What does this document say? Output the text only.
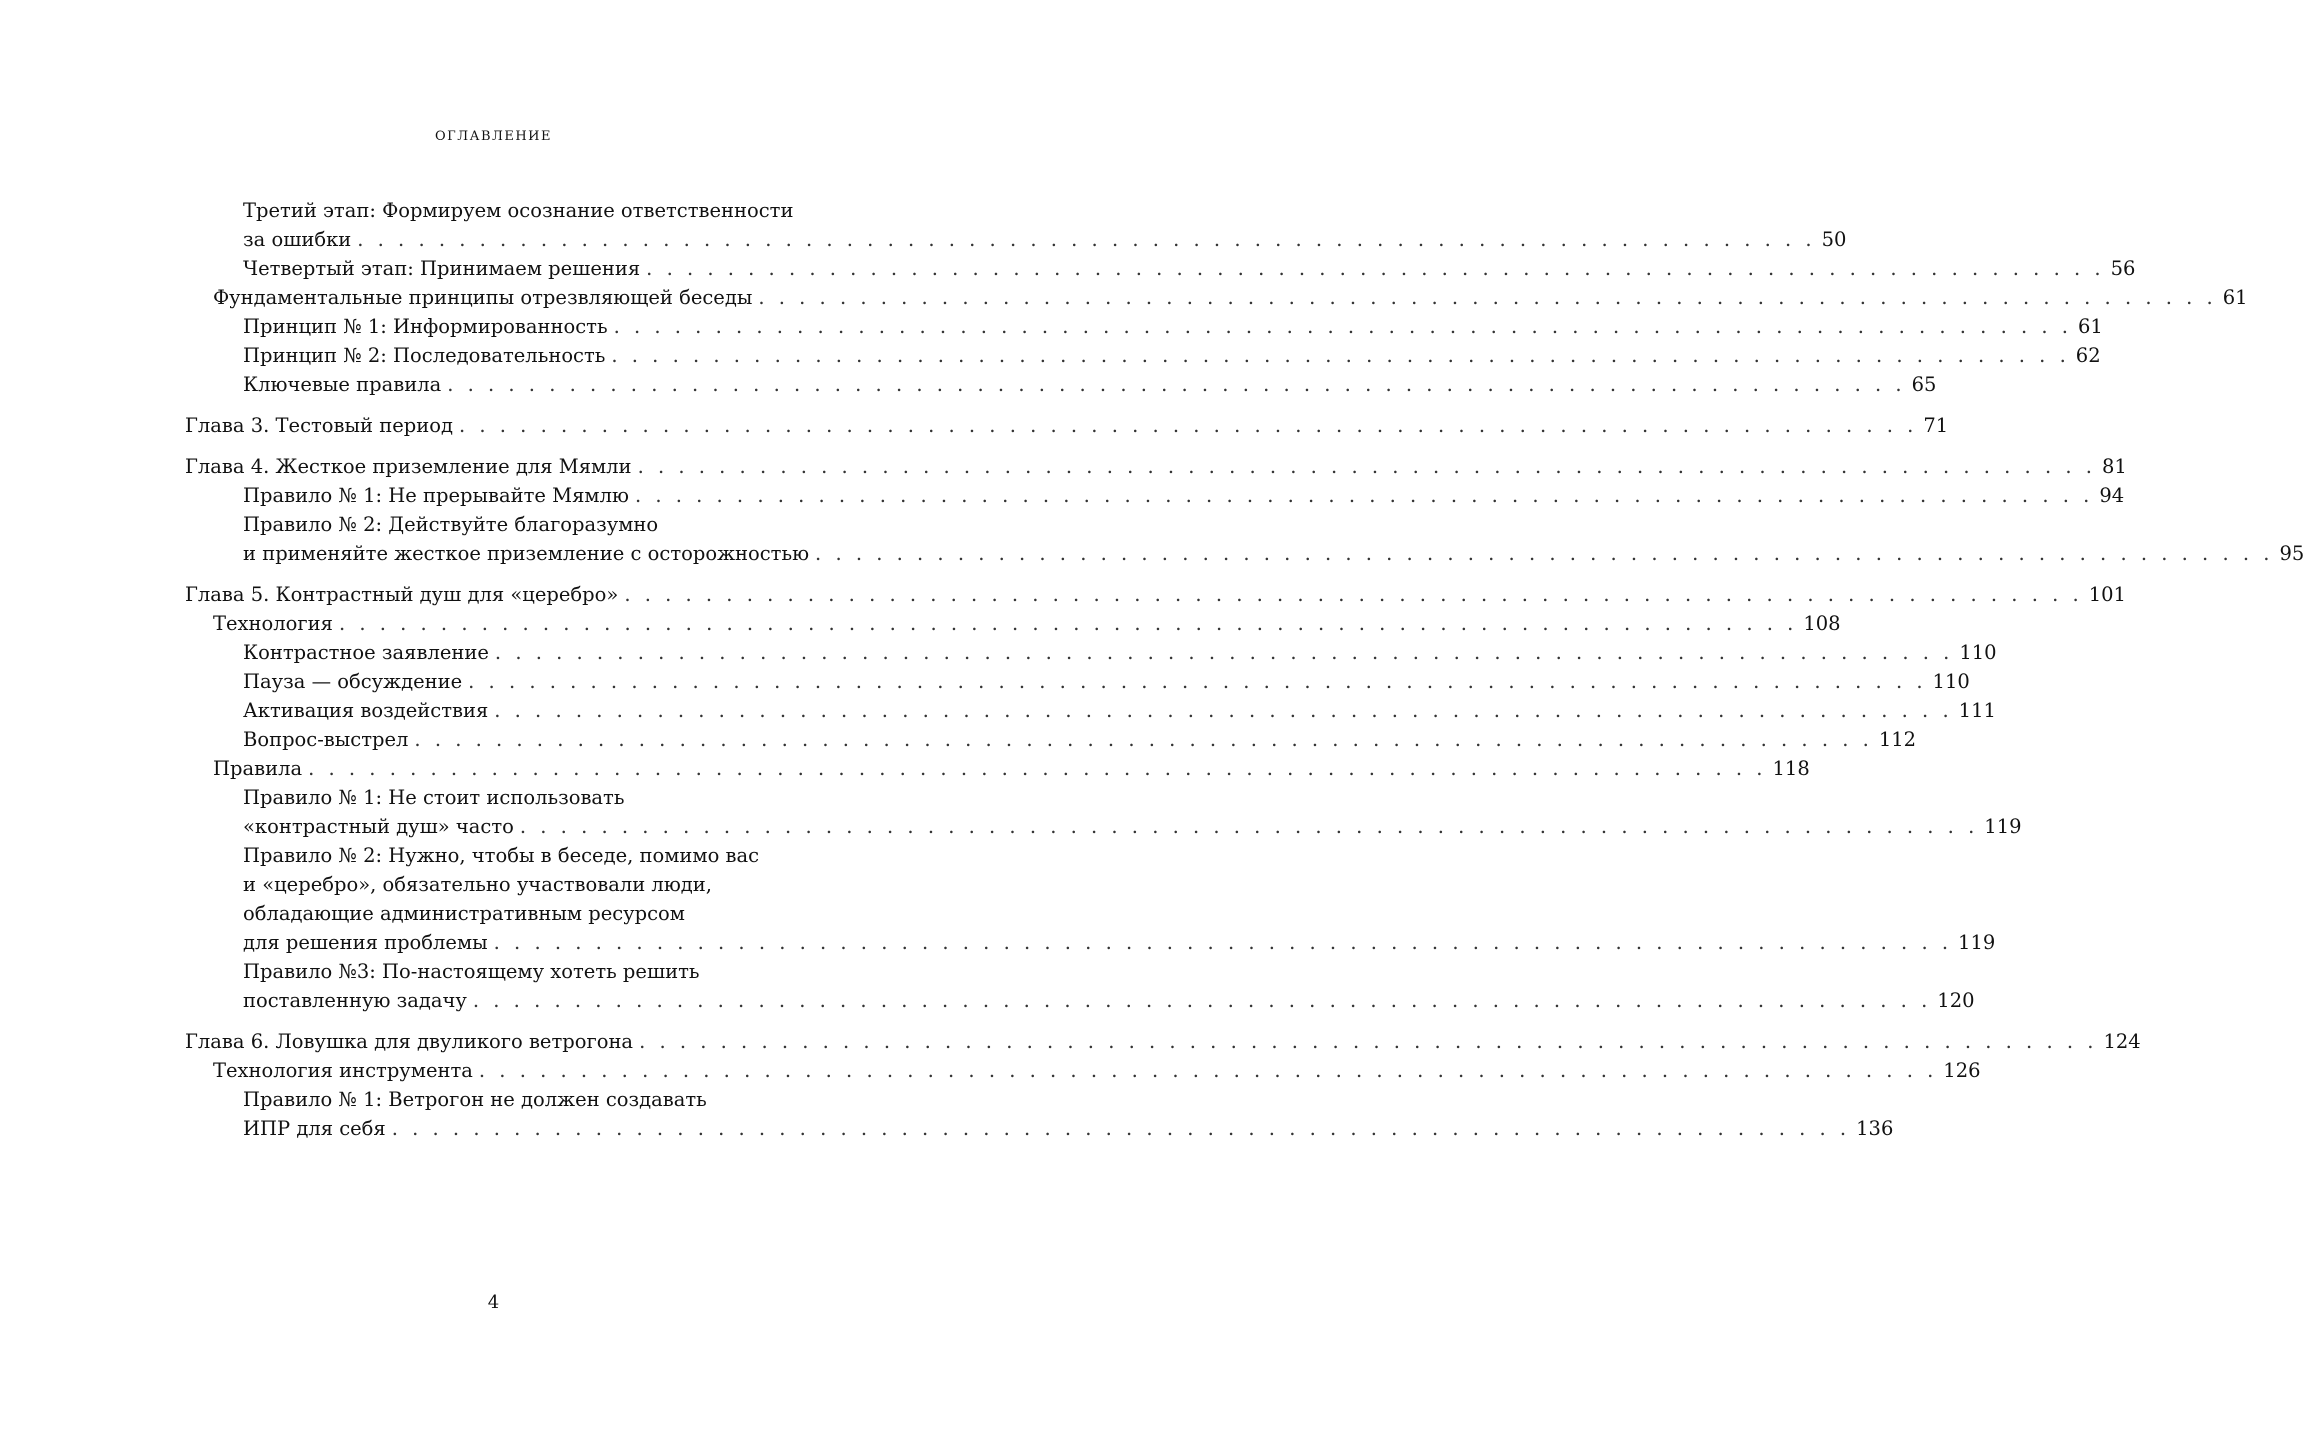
оглавление
Третий этап: Формируем осознание ответственности
за ошибки . . . . . . . . . . . . . . . . . . . . . . . . . . . . . . . . . . . . . . . . . . . . . . . . . . . . . . . . . . . . . . . . . . . . . . . . 50
Четвертый этап: Принимаем решения . . . . . . . . . . . . . . . . . . . . . . . . . . . . . . . . . . . . . . . . . . . . . . . . . . . . . . . . . . . . . . . . . . . . . . . . 56
Фундаментальные принципы отрезвляющей беседы . . . . . . . . . . . . . . . . . . . . . . . . . . . . . . . . . . . . . . . . . . . . . . . . . . . . . . . . . . . . . . . . . . . . . . . . 61
Принцип № 1: Информированность . . . . . . . . . . . . . . . . . . . . . . . . . . . . . . . . . . . . . . . . . . . . . . . . . . . . . . . . . . . . . . . . . . . . . . . . 61
Принцип № 2: Последовательность . . . . . . . . . . . . . . . . . . . . . . . . . . . . . . . . . . . . . . . . . . . . . . . . . . . . . . . . . . . . . . . . . . . . . . . . 62
Ключевые правила . . . . . . . . . . . . . . . . . . . . . . . . . . . . . . . . . . . . . . . . . . . . . . . . . . . . . . . . . . . . . . . . . . . . . . . . 65
Глава 3. Тестовый период . . . . . . . . . . . . . . . . . . . . . . . . . . . . . . . . . . . . . . . . . . . . . . . . . . . . . . . . . . . . . . . . . . . . . . . . 71
Глава 4. Жесткое приземление для Мямли . . . . . . . . . . . . . . . . . . . . . . . . . . . . . . . . . . . . . . . . . . . . . . . . . . . . . . . . . . . . . . . . . . . . . . . . 81
Правило № 1: Не прерывайте Мямлю . . . . . . . . . . . . . . . . . . . . . . . . . . . . . . . . . . . . . . . . . . . . . . . . . . . . . . . . . . . . . . . . . . . . . . . . 94
Правило № 2: Действуйте благоразумно
и применяйте жесткое приземление с осторожностью . . . . . . . . . . . . . . . . . . . . . . . . . . . . . . . . . . . . . . . . . . . . . . . . . . . . . . . . . . . . . . . . . . . . . . . . 95
Глава 5. Контрастный душ для «церебро» . . . . . . . . . . . . . . . . . . . . . . . . . . . . . . . . . . . . . . . . . . . . . . . . . . . . . . . . . . . . . . . . . . . . . . . . 101
Технология . . . . . . . . . . . . . . . . . . . . . . . . . . . . . . . . . . . . . . . . . . . . . . . . . . . . . . . . . . . . . . . . . . . . . . . . 108
Контрастное заявление . . . . . . . . . . . . . . . . . . . . . . . . . . . . . . . . . . . . . . . . . . . . . . . . . . . . . . . . . . . . . . . . . . . . . . . . 110
Пауза — обсуждение . . . . . . . . . . . . . . . . . . . . . . . . . . . . . . . . . . . . . . . . . . . . . . . . . . . . . . . . . . . . . . . . . . . . . . . . 110
Активация воздействия . . . . . . . . . . . . . . . . . . . . . . . . . . . . . . . . . . . . . . . . . . . . . . . . . . . . . . . . . . . . . . . . . . . . . . . . 111
Вопрос-выстрел . . . . . . . . . . . . . . . . . . . . . . . . . . . . . . . . . . . . . . . . . . . . . . . . . . . . . . . . . . . . . . . . . . . . . . . . 112
Правила . . . . . . . . . . . . . . . . . . . . . . . . . . . . . . . . . . . . . . . . . . . . . . . . . . . . . . . . . . . . . . . . . . . . . . . . 118
Правило № 1: Не стоит использовать
«контрастный душ» часто . . . . . . . . . . . . . . . . . . . . . . . . . . . . . . . . . . . . . . . . . . . . . . . . . . . . . . . . . . . . . . . . . . . . . . . . 119
Правило № 2: Нужно, чтобы в беседе, помимо вас
и «церебро», обязательно участвовали люди,
обладающие административным ресурсом
для решения проблемы . . . . . . . . . . . . . . . . . . . . . . . . . . . . . . . . . . . . . . . . . . . . . . . . . . . . . . . . . . . . . . . . . . . . . . . . 119
Правило №3: По-настоящему хотеть решить
поставленную задачу . . . . . . . . . . . . . . . . . . . . . . . . . . . . . . . . . . . . . . . . . . . . . . . . . . . . . . . . . . . . . . . . . . . . . . . . 120
Глава 6. Ловушка для двуликого ветрогона . . . . . . . . . . . . . . . . . . . . . . . . . . . . . . . . . . . . . . . . . . . . . . . . . . . . . . . . . . . . . . . . . . . . . . . . 124
Технология инструмента . . . . . . . . . . . . . . . . . . . . . . . . . . . . . . . . . . . . . . . . . . . . . . . . . . . . . . . . . . . . . . . . . . . . . . . . 126
Правило № 1: Ветрогон не должен создавать
ИПР для себя . . . . . . . . . . . . . . . . . . . . . . . . . . . . . . . . . . . . . . . . . . . . . . . . . . . . . . . . . . . . . . . . . . . . . . . . 136
4
